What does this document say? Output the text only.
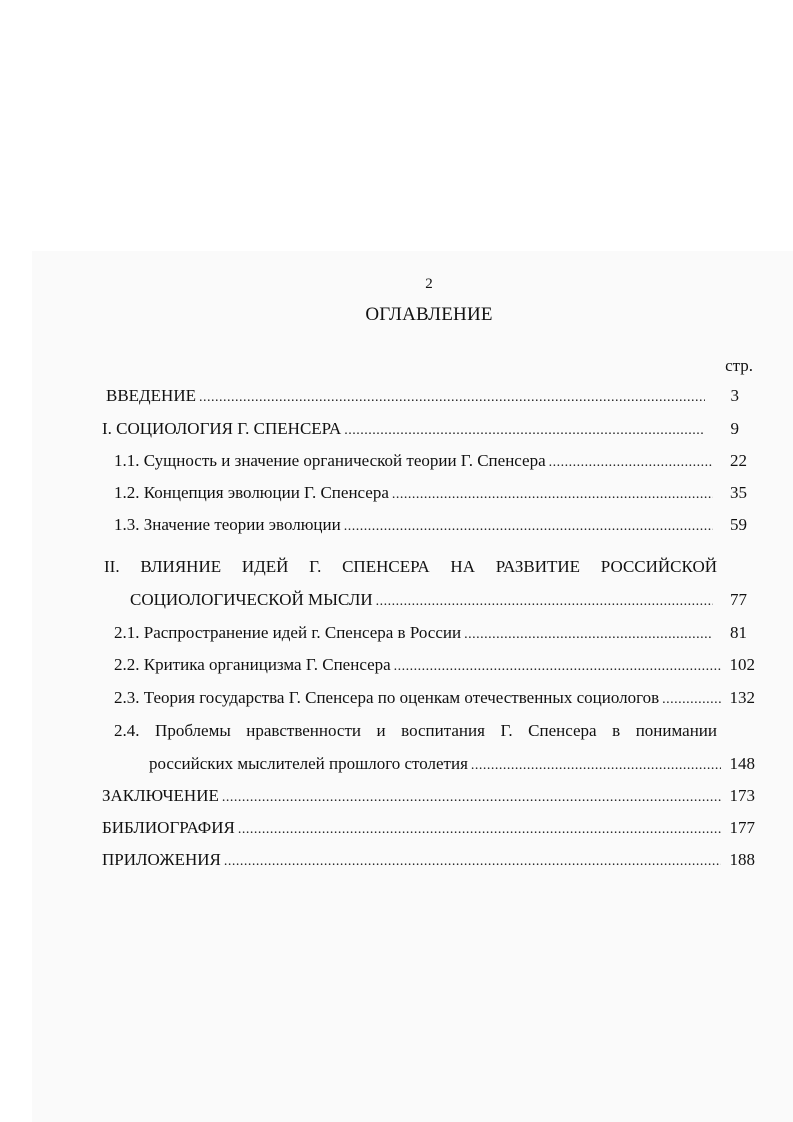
2
ОГЛАВЛЕНИЕ
стр.
ВВЕДЕНИЕ .....	3
I. СОЦИОЛОГИЯ Г. СПЕНСЕРА .....	9
1.1. Сущность и значение органической теории Г. Спенсера .....	22
1.2. Концепция эволюции Г. Спенсера .....	35
1.3. Значение теории эволюции .....	59
II. ВЛИЯНИЕ ИДЕЙ Г. СПЕНСЕРА НА РАЗВИТИЕ РОССИЙСКОЙ
СОЦИОЛОГИЧЕСКОЙ МЫСЛИ .....	77
2.1. Распространение идей г. Спенсера в России .....	81
2.2. Критика органицизма Г. Спенсера .....	102
2.3. Теория государства Г. Спенсера по оценкам отечественных социологов .....	132
2.4. Проблемы нравственности и воспитания Г. Спенсера в понимании
российских мыслителей прошлого столетия .....	148
ЗАКЛЮЧЕНИЕ .....	173
БИБЛИОГРАФИЯ .....	177
ПРИЛОЖЕНИЯ .....	188
